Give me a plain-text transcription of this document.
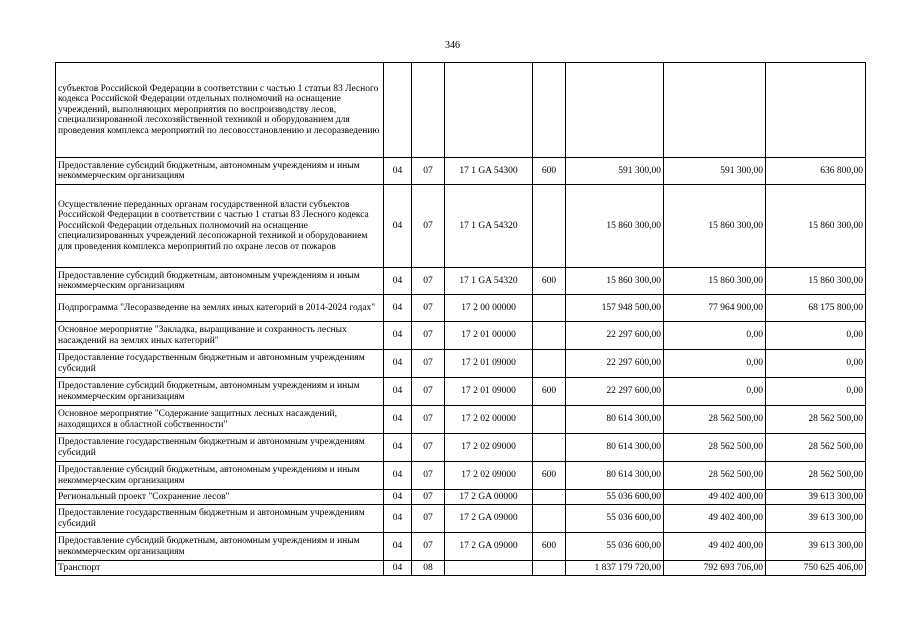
346
субъектов Российской Федерации в соответствии с частью 1 статьи 83 Лесного кодекса Российской Федерации отдельных полномочий на оснащение учреждений, выполняющих мероприятия по воспроизводству лесов, специализированной лесохозяйственной техникой и оборудованием для проведения комплекса мероприятий по лесовосстановлению и лесоразведению							
Предоставление субсидий бюджетным, автономным учреждениям и иным некоммерческим организациям	04	07	17 1 GA 54300	600	591 300,00	591 300,00	636 800,00
Осуществление переданных органам государственной власти субъектов Российской Федерации в соответствии с частью 1 статьи 83 Лесного кодекса Российской Федерации отдельных полномочий на оснащение специализированных учреждений лесопожарной техникой и оборудованием для проведения комплекса мероприятий по охране лесов от пожаров	04	07	17 1 GA 54320		15 860 300,00	15 860 300,00	15 860 300,00
Предоставление субсидий бюджетным, автономным учреждениям и иным некоммерческим организациям	04	07	17 1 GA 54320	600	15 860 300,00	15 860 300,00	15 860 300,00
Подпрограмма "Лесоразведение на землях иных категорий в 2014-2024 годах"	04	07	17 2 00 00000		157 948 500,00	77 964 900,00	68 175 800,00
Основное мероприятие "Закладка, выращивание и сохранность лесных насаждений на землях иных категорий"	04	07	17 2 01 00000		22 297 600,00	0,00	0,00
Предоставление государственным бюджетным и автономным учреждениям субсидий	04	07	17 2 01 09000		22 297 600,00	0,00	0,00
Предоставление субсидий бюджетным, автономным учреждениям и иным некоммерческим организациям	04	07	17 2 01 09000	600	22 297 600,00	0,00	0,00
Основное мероприятие "Содержание защитных лесных насаждений, находящихся в областной собственности"	04	07	17 2 02 00000		80 614 300,00	28 562 500,00	28 562 500,00
Предоставление государственным бюджетным и автономным учреждениям субсидий	04	07	17 2 02 09000		80 614 300,00	28 562 500,00	28 562 500,00
Предоставление субсидий бюджетным, автономным учреждениям и иным некоммерческим организациям	04	07	17 2 02 09000	600	80 614 300,00	28 562 500,00	28 562 500,00
Региональный проект "Сохранение лесов"	04	07	17 2 GA 00000		55 036 600,00	49 402 400,00	39 613 300,00
Предоставление государственным бюджетным и автономным учреждениям субсидий	04	07	17 2 GA 09000		55 036 600,00	49 402 400,00	39 613 300,00
Предоставление субсидий бюджетным, автономным учреждениям и иным некоммерческим организациям	04	07	17 2 GA 09000	600	55 036 600,00	49 402 400,00	39 613 300,00
Транспорт	04	08			1 837 179 720,00	792 693 706,00	750 625 406,00
